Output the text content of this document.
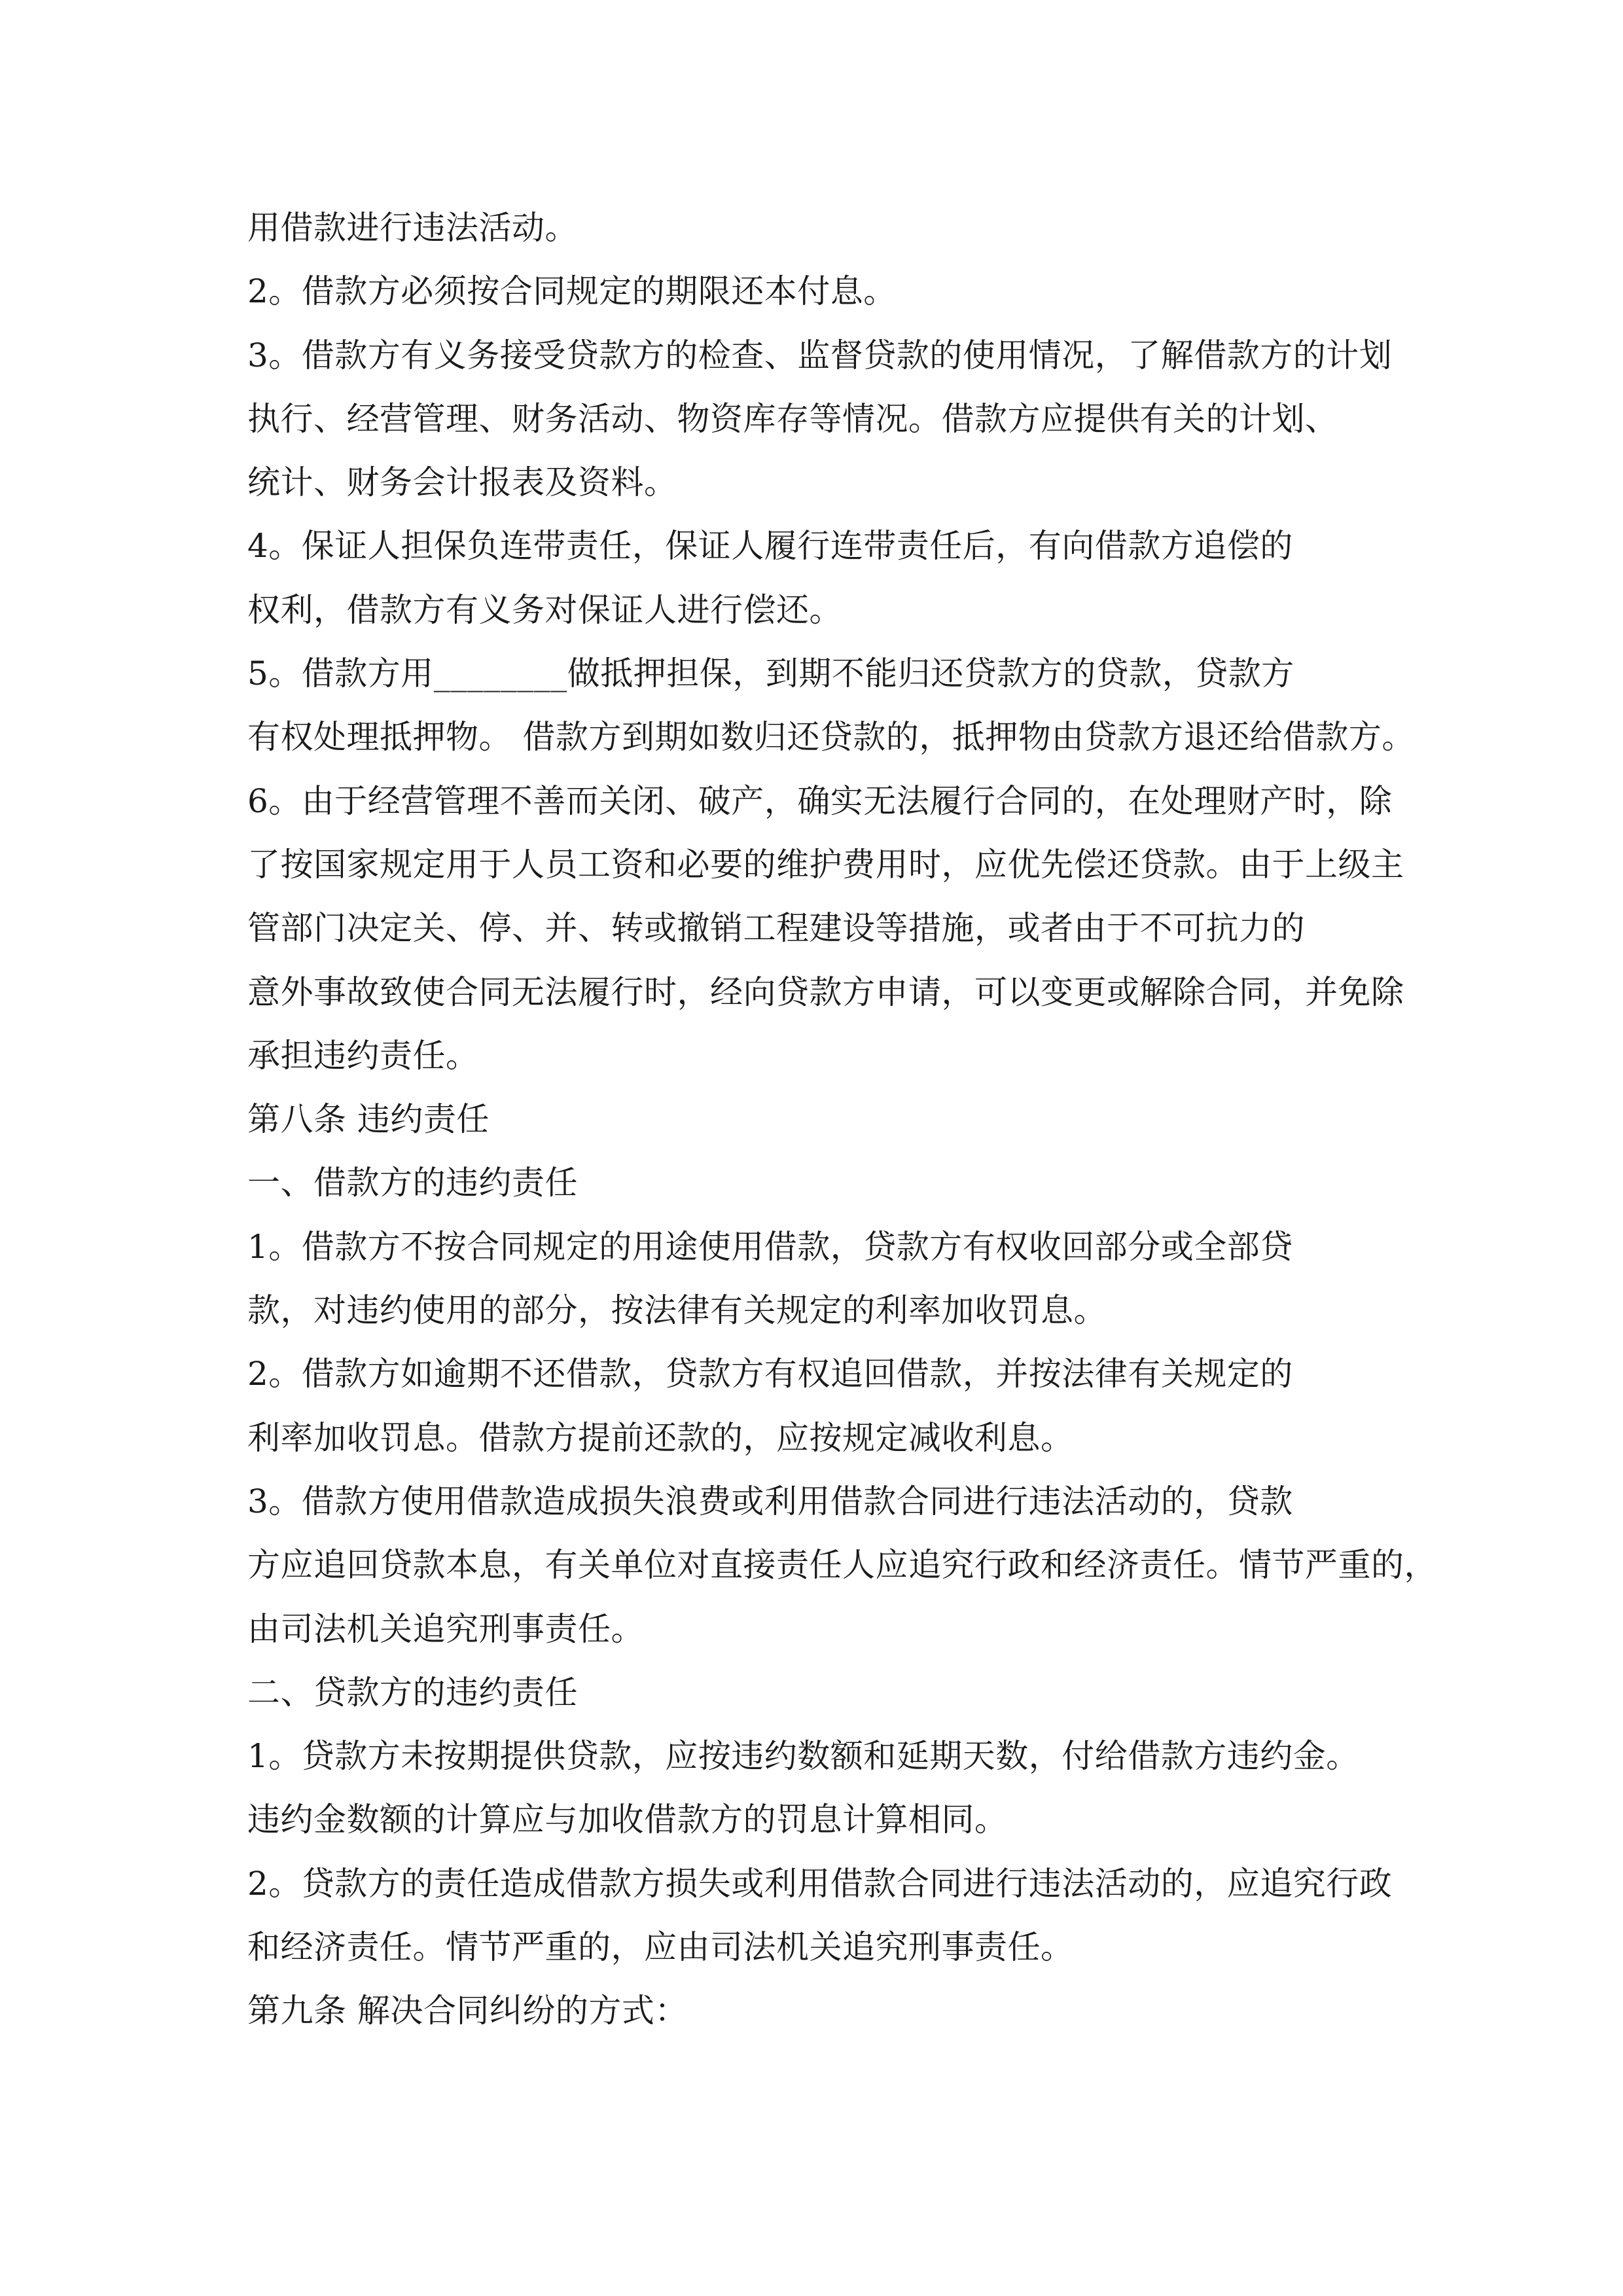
用借款进行违法活动。
2。借款方必须按合同规定的期限还本付息。
3。借款方有义务接受贷款方的检查、监督贷款的使用情况，了解借款方的计划
执行、经营管理、财务活动、物资库存等情况。借款方应提供有关的计划、
统计、财务会计报表及资料。
4。保证人担保负连带责任，保证人履行连带责任后，有向借款方追偿的
权利，借款方有义务对保证人进行偿还。
5。借款方用________做抵押担保，到期不能归还贷款方的贷款，贷款方
有权处理抵押物。 借款方到期如数归还贷款的，抵押物由贷款方退还给借款方。
6。由于经营管理不善而关闭、破产，确实无法履行合同的，在处理财产时，除
了按国家规定用于人员工资和必要的维护费用时，应优先偿还贷款。由于上级主
管部门决定关、停、并、转或撤销工程建设等措施，或者由于不可抗力的
意外事故致使合同无法履行时，经向贷款方申请，可以变更或解除合同，并免除
承担违约责任。
第八条 违约责任
一、借款方的违约责任
1。借款方不按合同规定的用途使用借款，贷款方有权收回部分或全部贷
款，对违约使用的部分，按法律有关规定的利率加收罚息。
2。借款方如逾期不还借款，贷款方有权追回借款，并按法律有关规定的
利率加收罚息。借款方提前还款的，应按规定减收利息。
3。借款方使用借款造成损失浪费或利用借款合同进行违法活动的，贷款
方应追回贷款本息，有关单位对直接责任人应追究行政和经济责任。情节严重的，
由司法机关追究刑事责任。
二、贷款方的违约责任
1。贷款方未按期提供贷款，应按违约数额和延期天数，付给借款方违约金。
违约金数额的计算应与加收借款方的罚息计算相同。
2。贷款方的责任造成借款方损失或利用借款合同进行违法活动的，应追究行政
和经济责任。情节严重的，应由司法机关追究刑事责任。
第九条 解决合同纠纷的方式：
